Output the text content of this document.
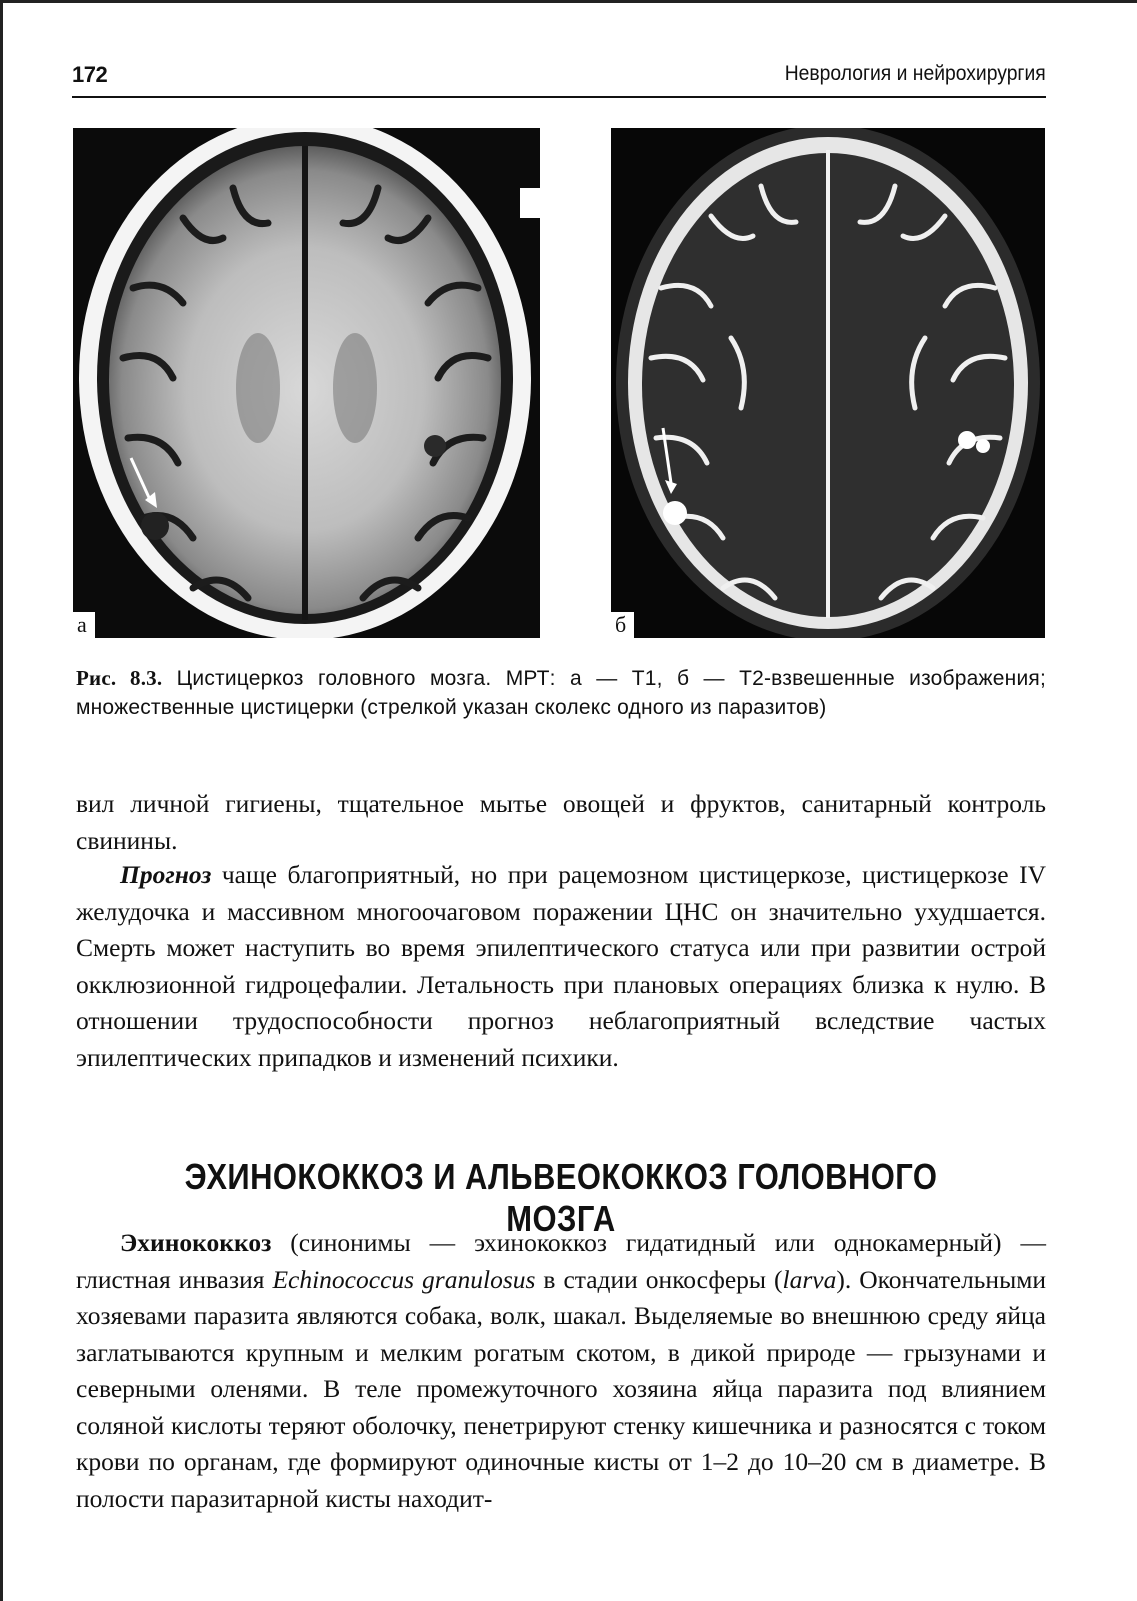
172	Неврология и нейрохирургия
а	б
Рис. 8.3. Цистицеркоз головного мозга. МРТ: а — Т1, б — Т2-взвешенные изображения; множественные цистицерки (стрелкой указан сколекс одного из паразитов)

вил личной гигиены, тщательное мытье овощей и фруктов, санитарный контроль свинины.

Прогноз чаще благоприятный, но при рацемозном цистицеркозе, цистицеркозе IV желудочка и массивном многоочаговом поражении ЦНС он значительно ухудшается. Смерть может наступить во время эпилептического статуса или при развитии острой окклюзионной гидроцефалии. Летальность при плановых операциях близка к нулю. В отношении трудоспособности прогноз неблагоприятный вследствие частых эпилептических припадков и изменений психики.

ЭХИНОКОККОЗ И АЛЬВЕОКОККОЗ ГОЛОВНОГО МОЗГА

Эхинококкоз (синонимы — эхинококкоз гидатидный или однокамерный) — глистная инвазия Echinococcus granulosus в стадии онкосферы (larva). Окончательными хозяевами паразита являются собака, волк, шакал. Выделяемые во внешнюю среду яйца заглатываются крупным и мелким рогатым скотом, в дикой природе — грызунами и северными оленями. В теле промежуточного хозяина яйца паразита под влиянием соляной кислоты теряют оболочку, пенетрируют стенку кишечника и разносятся с током крови по органам, где формируют одиночные кисты от 1–2 до 10–20 см в диаметре. В полости паразитарной кисты находит-
